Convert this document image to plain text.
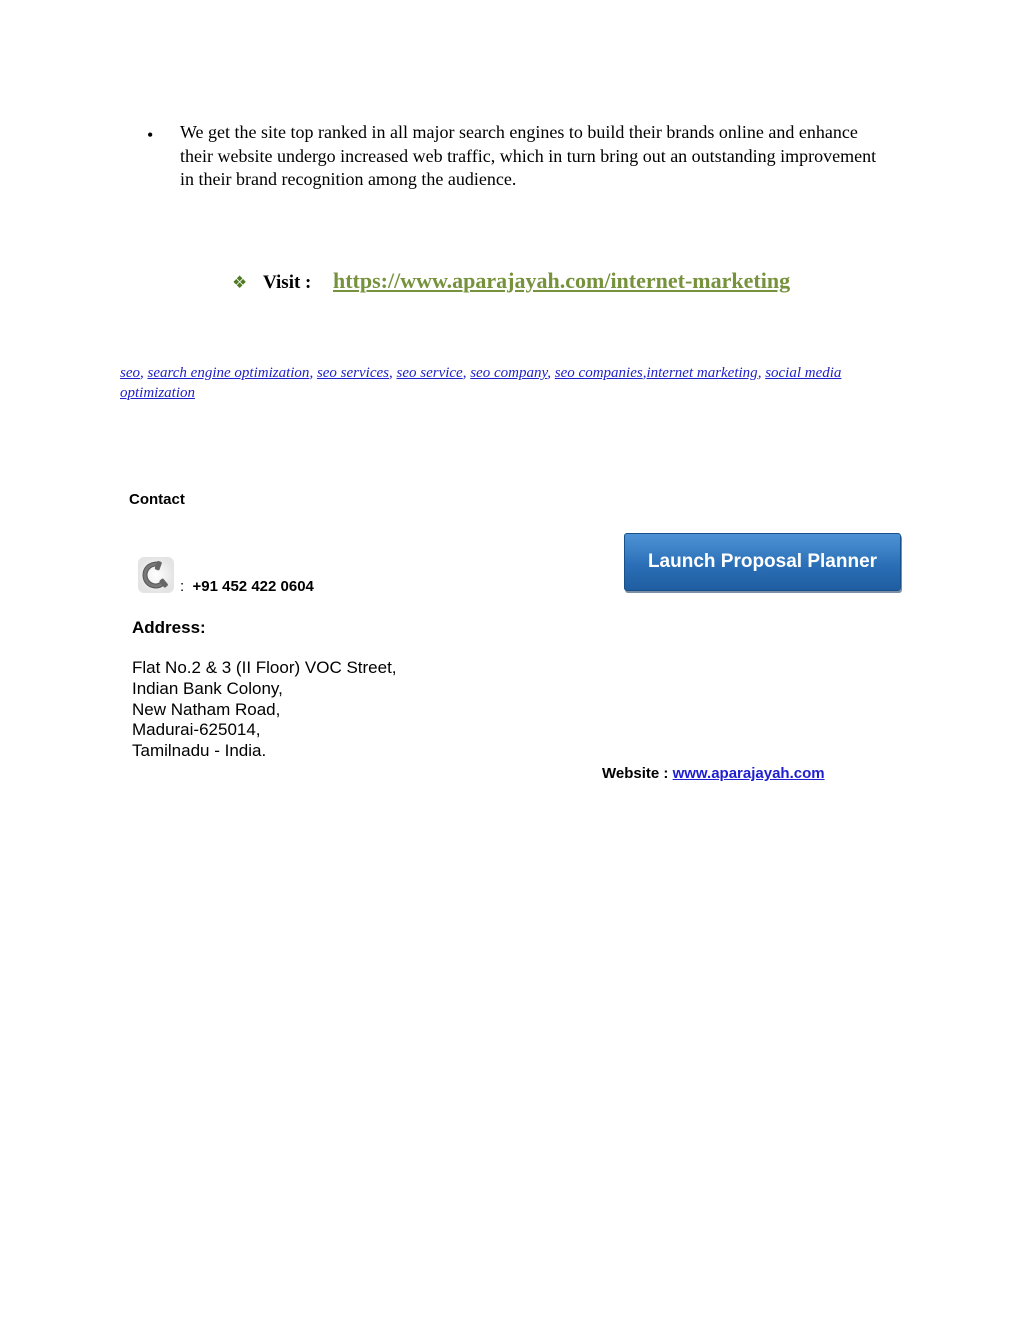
• We get the site top ranked in all major search engines to build their brands online and enhance their website undergo increased web traffic, which in turn bring out an outstanding improvement in their brand recognition among the audience.
❖ Visit : https://www.aparajayah.com/internet-marketing
seo, search engine optimization, seo services, seo service, seo company, seo companies,internet marketing, social media optimization
Contact
: +91 452 422 0604
Launch Proposal Planner
Address:
Flat No.2 & 3 (II Floor) VOC Street,
Indian Bank Colony,
New Natham Road,
Madurai-625014,
Tamilnadu - India.
Website : www.aparajayah.com
